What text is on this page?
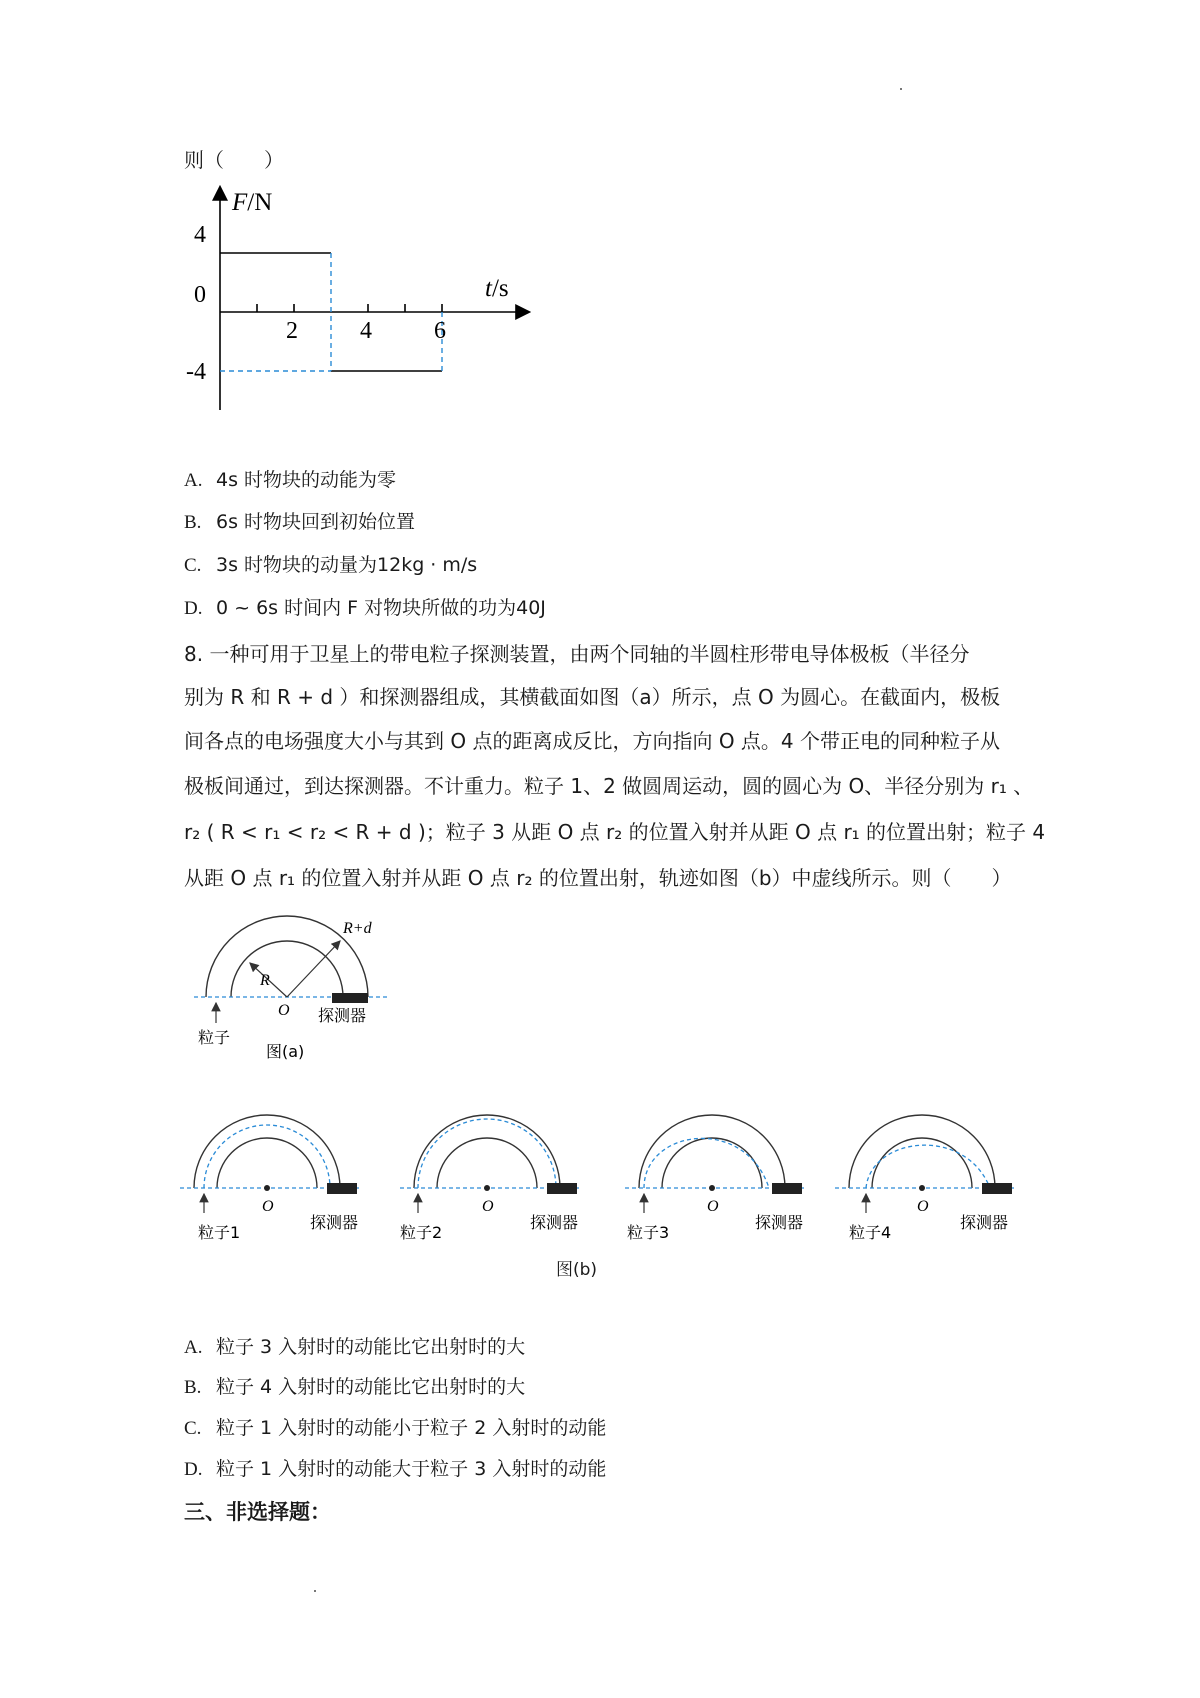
则（　　）
F/N
t/s
4
0
-4
2	4	6
A. 4s 时物块的动能为零
B. 6s 时物块回到初始位置
C. 3s 时物块的动量为12kg · m/s
D. 0 ~ 6s 时间内 F 对物块所做的功为40J
8. 一种可用于卫星上的带电粒子探测装置，由两个同轴的半圆柱形带电导体极板（半径分
别为 R 和 R + d ）和探测器组成，其横截面如图（a）所示，点 O 为圆心。在截面内，极板
间各点的电场强度大小与其到 O 点的距离成反比，方向指向 O 点。4 个带正电的同种粒子从
极板间通过，到达探测器。不计重力。粒子 1、2 做圆周运动，圆的圆心为 O、半径分别为 r₁ 、
r₂ ( R < r₁ < r₂ < R + d )；粒子 3 从距 O 点 r₂ 的位置入射并从距 O 点 r₁ 的位置出射；粒子 4
从距 O 点 r₁ 的位置入射并从距 O 点 r₂ 的位置出射，轨迹如图（b）中虚线所示。则（　　）
R
R+d
O
粒子
探测器
图(a)
O
粒子1
探测器
O
粒子2
探测器
O
粒子3
探测器
O
粒子4
探测器
图(b)
A. 粒子 3 入射时的动能比它出射时的大
B. 粒子 4 入射时的动能比它出射时的大
C. 粒子 1 入射时的动能小于粒子 2 入射时的动能
D. 粒子 1 入射时的动能大于粒子 3 入射时的动能
三、非选择题：
